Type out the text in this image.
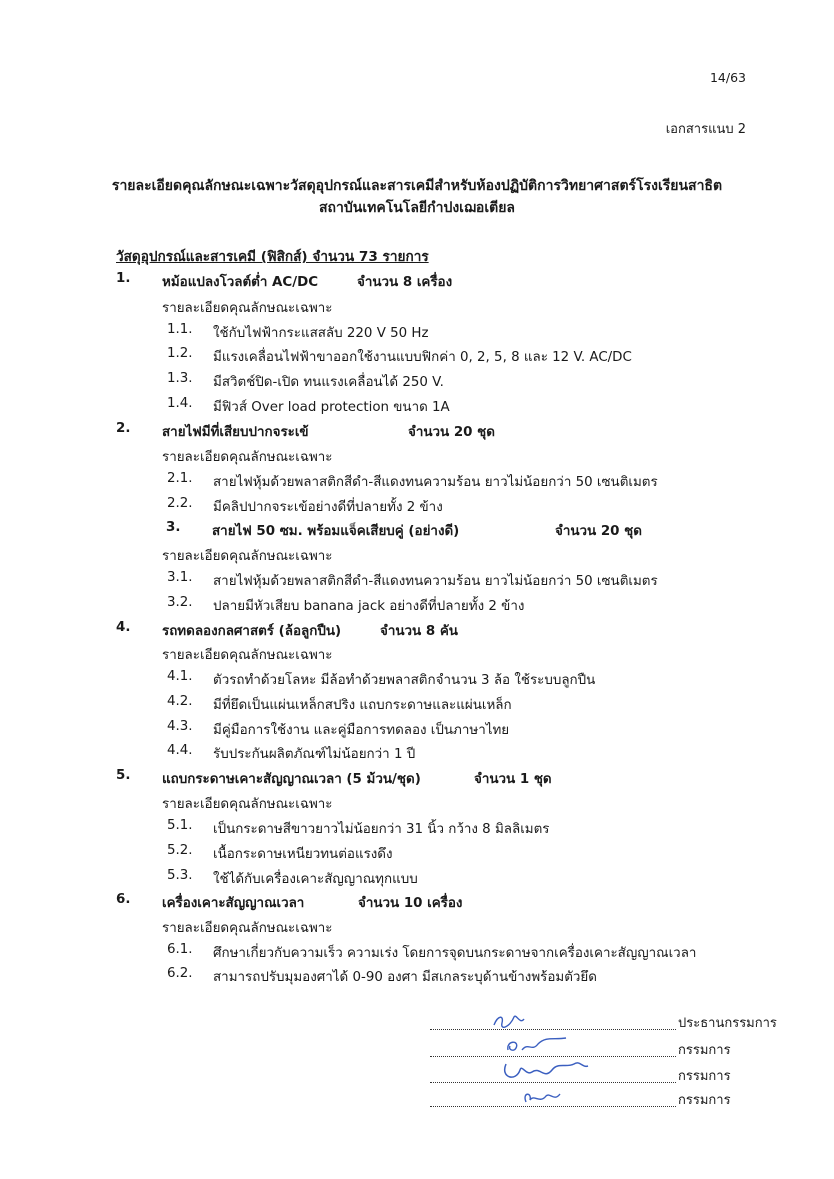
14/63
เอกสารแนบ 2
รายละเอียดคุณลักษณะเฉพาะวัสดุอุปกรณ์และสารเคมีสำหรับห้องปฏิบัติการวิทยาศาสตร์โรงเรียนสาธิต
สถาบันเทคโนโลยีกำปงเฌอเตียล
วัสดุอุปกรณ์และสารเคมี (ฟิสิกส์) จำนวน 73 รายการ
1. หม้อแปลงโวลต์ต่ำ AC/DC	จำนวน 8 เครื่อง
รายละเอียดคุณลักษณะเฉพาะ
1.1. ใช้กับไฟฟ้ากระแสสลับ 220 V 50 Hz
1.2. มีแรงเคลื่อนไฟฟ้าขาออกใช้งานแบบฟิกค่า 0, 2, 5, 8 และ 12 V. AC/DC
1.3. มีสวิตช์ปิด-เปิด ทนแรงเคลื่อนได้ 250 V.
1.4. มีฟิวส์ Over load protection ขนาด 1A
2. สายไฟมีที่เสียบปากจระเข้	จำนวน 20 ชุด
รายละเอียดคุณลักษณะเฉพาะ
2.1. สายไฟหุ้มด้วยพลาสติกสีดำ-สีแดงทนความร้อน ยาวไม่น้อยกว่า 50 เซนติเมตร
2.2. มีคลิปปากจระเข้อย่างดีที่ปลายทั้ง 2 ข้าง
3. สายไฟ 50 ซม. พร้อมแจ็คเสียบคู่ (อย่างดี)	จำนวน 20 ชุด
รายละเอียดคุณลักษณะเฉพาะ
3.1. สายไฟหุ้มด้วยพลาสติกสีดำ-สีแดงทนความร้อน ยาวไม่น้อยกว่า 50 เซนติเมตร
3.2. ปลายมีหัวเสียบ banana jack อย่างดีที่ปลายทั้ง 2 ข้าง
4. รถทดลองกลศาสตร์ (ล้อลูกปืน)	จำนวน 8 คัน
รายละเอียดคุณลักษณะเฉพาะ
4.1. ตัวรถทำด้วยโลหะ มีล้อทำด้วยพลาสติกจำนวน 3 ล้อ ใช้ระบบลูกปืน
4.2. มีที่ยึดเป็นแผ่นเหล็กสปริง แถบกระดาษและแผ่นเหล็ก
4.3. มีคู่มือการใช้งาน และคู่มือการทดลอง เป็นภาษาไทย
4.4. รับประกันผลิตภัณฑ์ไม่น้อยกว่า 1 ปี
5. แถบกระดาษเคาะสัญญาณเวลา (5 ม้วน/ชุด)	จำนวน 1 ชุด
รายละเอียดคุณลักษณะเฉพาะ
5.1. เป็นกระดาษสีขาวยาวไม่น้อยกว่า 31 นิ้ว กว้าง 8 มิลลิเมตร
5.2. เนื้อกระดาษเหนียวทนต่อแรงดึง
5.3. ใช้ได้กับเครื่องเคาะสัญญาณทุกแบบ
6. เครื่องเคาะสัญญาณเวลา	จำนวน 10 เครื่อง
รายละเอียดคุณลักษณะเฉพาะ
6.1. ศึกษาเกี่ยวกับความเร็ว ความเร่ง โดยการจุดบนกระดาษจากเครื่องเคาะสัญญาณเวลา
6.2. สามารถปรับมุมองศาได้ 0-90 องศา มีสเกลระบุด้านข้างพร้อมตัวยึด
ประธานกรรมการ
กรรมการ
กรรมการ
กรรมการ
